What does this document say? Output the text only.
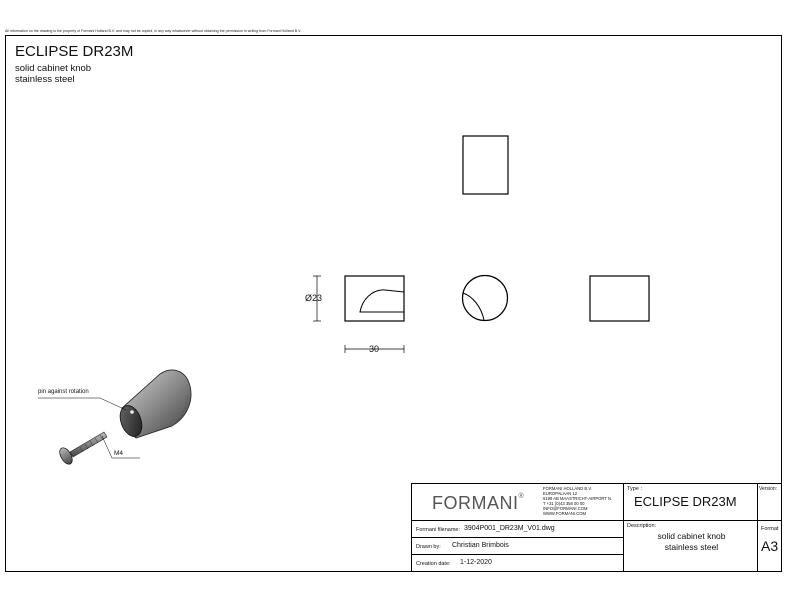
All information on the drawing is the property of Formani Holland B.V. and may not be copied, in any way whatsoever without obtaining the permission in writing from Formani Holland B.V.
ECLIPSE DR23M
solid cabinet knob
stainless steel
Ø23
30
pin against rotation
M4
FORMANI®
FORMANI HOLLAND B.V.
EUROPALAAN 12
6199 AB MAASTRICHT-AIRPORT N.
T +31 (0)43 358 00 00
INFO@FORMANI.COM
WWW.FORMANI.COM
Formani filename: 3904P001_DR23M_V01.dwg
Drawn by: Christian Brimbois
Creation date: 1-12-2020
Type :
ECLIPSE DR23M
Description:
solid cabinet knob
stainless steel
Version:
Format
A3
